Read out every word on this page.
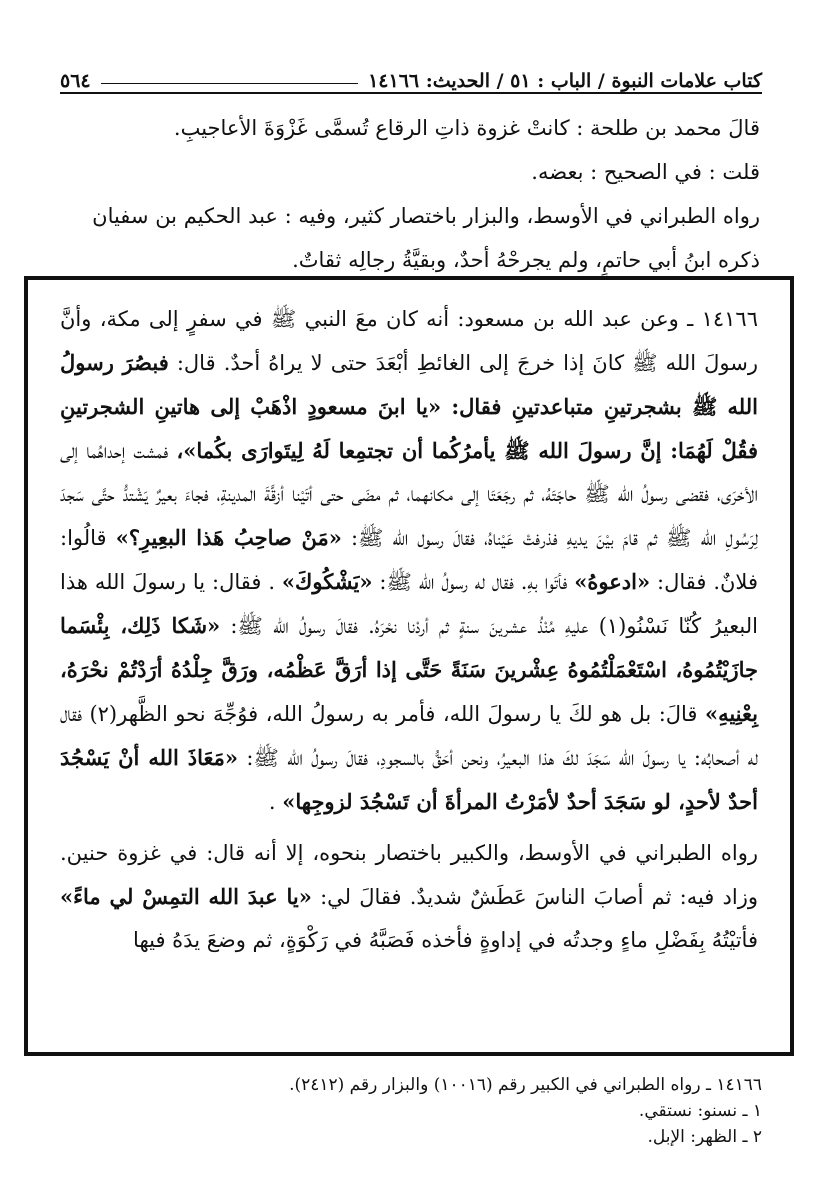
كتاب علامات النبوة / الباب : ٥١ / الحديث: ١٤١٦٦
٥٦٤
قالَ محمد بن طلحة : كانتْ غزوة ذاتِ الرقاع تُسمَّى غَزْوَةَ الأعاجيبِ.
قلت : في الصحيح : بعضه.
رواه الطبراني في الأوسط، والبزار باختصار كثير، وفيه : عبد الحكيم بن سفيان
ذكره ابنُ أبي حاتمٍ، ولم يجرحْهُ أحدٌ، وبقيَّةُ رجالِه ثقاتٌ.
١٤١٦٦ ـ وعن عبد الله بن مسعود: أنه كان معَ النبي ﷺ في سفرٍ إلى مكة، وأنَّ رسولَ الله ﷺ كانَ إذا خرجَ إلى الغائطِ أبْعَدَ حتى لا يراهُ أحدٌ. قال: فبصُرَ رسولُ الله ﷺ بشجرتينِ متباعدتينِ فقال: «يا ابنَ مسعودٍ اذْهَبْ إلى هاتينِ الشجرتينِ فقُلْ لَهُمَا: إنَّ رسولَ الله ﷺ يأمرُكُما أن تجتمِعا لَهُ لِيتَوارَى بكُما»، فمشت إحداهُما إلى الأخرَى، فقضى رسولُ الله ﷺ حاجَتَهُ، ثم رجَعَتَا إلى مكانهما، ثم مضَى حتى أتَيْنا أزقَّةَ المدينةِ، فجاءَ بعيرٌ يَشْتدُّ حتَّى سَجدَ لِرَسُولِ الله ﷺ ثم قامَ بيْنَ يديهِ فذرفتْ عَيْناهُ، فقالَ رسول الله ﷺ: «مَنْ صاحِبُ هَذا البعِيرِ؟» قالُوا: فلانٌ. فقال: «ادعوهُ» فأتَوا بهِ. فقال له رسولُ الله ﷺ: «يَشْكُوكَ» . فقال: يا رسولَ الله هذا البعيرُ كُنّا نَسْنُو(١) عليهِ مُنْذُ عشرينَ سنةٍ ثم أردْنا نحْرَهُ. فقالَ رسولُ الله ﷺ: «شَكا ذَلِك، بِئْسَما جازَيْتُمُوهُ، اسْتَعْمَلْتُمُوهُ عِشْرينَ سَنَةً حَتَّى إذا أرَقَّ عَظْمُه، ورَقَّ جِلْدُهُ أرَدْتُمْ نحْرَهُ، بِعْنِيهِ» قالَ: بل هو لكَ يا رسولَ الله، فأمر به رسولُ الله، فوُجِّهَ نحو الظَّهر(٢) فقال له أصحابُه: يا رسولَ الله سَجَدَ لكَ هذا البعيرُ، ونحن أحَقُّ بالسجودِ، فقالَ رسولُ الله ﷺ: «مَعَاذَ الله أنْ يَسْجُدَ أحدٌ لأحدٍ، لو سَجَدَ أحدٌ لأمَرْتُ المرأةَ أن تَسْجُدَ لزوجِها» .
رواه الطبراني في الأوسط، والكبير باختصار بنحوه، إلا أنه قال: في غزوة حنين. وزاد فيه: ثم أصابَ الناسَ عَطَشٌ شديدٌ. فقالَ لي: «يا عبدَ الله التمِسْ لي ماءً» فأتيْتُهُ بِفَضْلِ ماءٍ وجدتُه في إداوةٍ فأخذه فَصَبَّهُ في رَكْوَةٍ، ثم وضعَ يدَهُ فيها
١٤١٦٦ ـ رواه الطبراني في الكبير رقم (١٠٠١٦) والبزار رقم (٢٤١٢).
١ ـ نسنو: نستقي.
٢ ـ الظهر: الإبل.
